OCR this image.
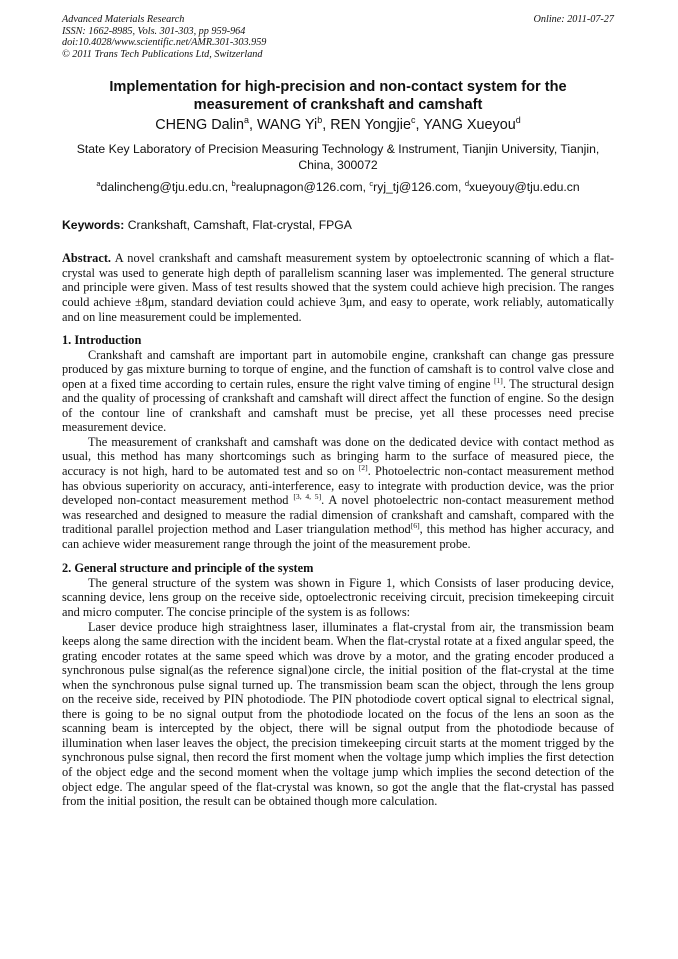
Advanced Materials Research
ISSN: 1662-8985, Vols. 301-303, pp 959-964
doi:10.4028/www.scientific.net/AMR.301-303.959
© 2011 Trans Tech Publications Ltd, Switzerland
Online: 2011-07-27
Implementation for high-precision and non-contact system for the measurement of crankshaft and camshaft
CHENG Dalin$^a$, WANG Yi$^b$, REN Yongjie$^c$, YANG Xueyou$^d$
State Key Laboratory of Precision Measuring Technology & Instrument, Tianjin University, Tianjin, China, 300072
$^a$dalincheng@tju.edu.cn, $^b$realupnagon@126.com, $^c$ryj_tj@126.com, $^d$xueyouy@tju.edu.cn
Keywords: Crankshaft, Camshaft, Flat-crystal, FPGA

Abstract. A novel crankshaft and camshaft measurement system by optoelectronic scanning of which a flat-crystal was used to generate high depth of parallelism scanning laser was implemented. The general structure and principle were given. Mass of test results showed that the system could achieve high precision. The ranges could achieve ±8μm, standard deviation could achieve 3μm, and easy to operate, work reliably, automatically and on line measurement could be implemented.

1. Introduction

Crankshaft and camshaft are important part in automobile engine, crankshaft can change gas pressure produced by gas mixture burning to torque of engine, and the function of camshaft is to control valve close and open at a fixed time according to certain rules, ensure the right valve timing of engine [1]. The structural design and the quality of processing of crankshaft and camshaft will direct affect the function of engine. So the design of the contour line of crankshaft and camshaft must be precise, yet all these processes need precise measurement device.

The measurement of crankshaft and camshaft was done on the dedicated device with contact method as usual, this method has many shortcomings such as bringing harm to the surface of measured piece, the accuracy is not high, hard to be automated test and so on [2]. Photoelectric non-contact measurement method has obvious superiority on accuracy, anti-interference, easy to integrate with production device, was the prior developed non-contact measurement method [3, 4, 5]. A novel photoelectric non-contact measurement method was researched and designed to measure the radial dimension of crankshaft and camshaft, compared with the traditional parallel projection method and Laser triangulation method[6], this method has higher accuracy, and can achieve wider measurement range through the joint of the measurement probe.

2. General structure and principle of the system

The general structure of the system was shown in Figure 1, which Consists of laser producing device, scanning device, lens group on the receive side, optoelectronic receiving circuit, precision timekeeping circuit and micro computer. The concise principle of the system is as follows:

Laser device produce high straightness laser, illuminates a flat-crystal from air, the transmission beam keeps along the same direction with the incident beam. When the flat-crystal rotate at a fixed angular speed, the grating encoder rotates at the same speed which was drove by a motor, and the grating encoder produced a synchronous pulse signal(as the reference signal)one circle, the initial position of the flat-crystal at the time when the synchronous pulse signal turned up. The transmission beam scan the object, through the lens group on the receive side, received by PIN photodiode. The PIN photodiode covert optical signal to electrical signal, there is going to be no signal output from the photodiode located on the focus of the lens an soon as the scanning beam is intercepted by the object, there will be signal output from the photodiode because of illumination when laser leaves the object, the precision timekeeping circuit starts at the moment trigged by the synchronous pulse signal, then record the first moment when the voltage jump which implies the first detection of the object edge and the second moment when the voltage jump which implies the second detection of the object edge. The angular speed of the flat-crystal was known, so got the angle that the flat-crystal has passed from the initial position, the result can be obtained though more calculation.
